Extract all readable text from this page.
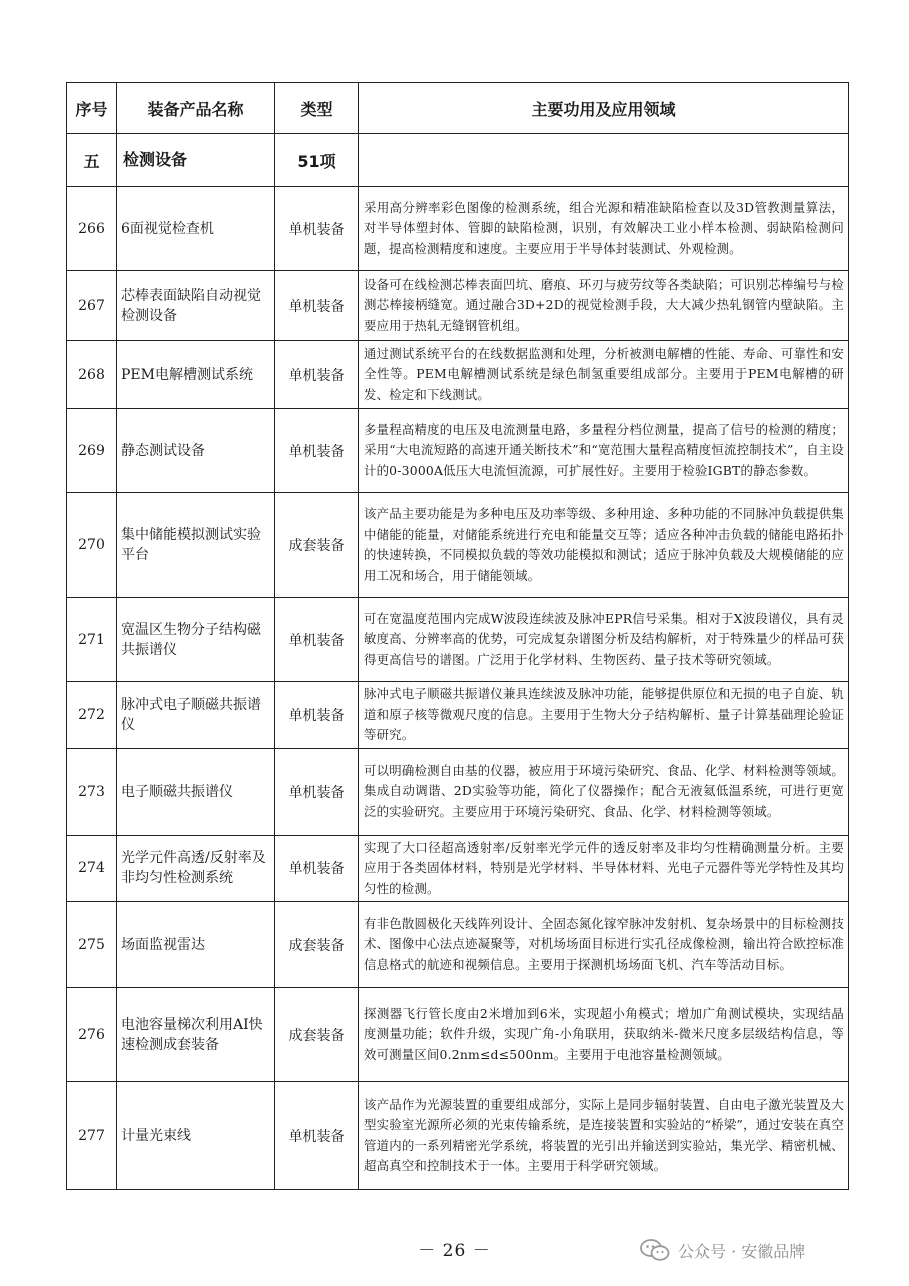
序号	装备产品名称	类型	主要功用及应用领域
五	检测设备	51项	
266	6面视觉检查机	单机装备	采用高分辨率彩色图像的检测系统，组合光源和精准缺陷检查以及3D管教测量算法，对半导体塑封体、管脚的缺陷检测，识别，有效解决工业小样本检测、弱缺陷检测问题，提高检测精度和速度。主要应用于半导体封装测试、外观检测。
267	芯棒表面缺陷自动视觉检测设备	单机装备	设备可在线检测芯棒表面凹坑、磨痕、环刃与疲劳纹等各类缺陷；可识别芯棒编号与检测芯棒接柄缝宽。通过融合3D+2D的视觉检测手段，大大减少热轧钢管内壁缺陷。主要应用于热轧无缝钢管机组。
268	PEM电解槽测试系统	单机装备	通过测试系统平台的在线数据监测和处理，分析被测电解槽的性能、寿命、可靠性和安全性等。PEM电解槽测试系统是绿色制氢重要组成部分。主要用于PEM电解槽的研发、检定和下线测试。
269	静态测试设备	单机装备	多量程高精度的电压及电流测量电路，多量程分档位测量，提高了信号的检测的精度；采用“大电流短路的高速开通关断技术”和“宽范围大量程高精度恒流控制技术”，自主设计的0-3000A低压大电流恒流源，可扩展性好。主要用于检验IGBT的静态参数。
270	集中储能模拟测试实验平台	成套装备	该产品主要功能是为多种电压及功率等级、多种用途、多种功能的不同脉冲负载提供集中储能的能量，对储能系统进行充电和能量交互等；适应各种冲击负载的储能电路拓扑的快速转换，不同模拟负载的等效功能模拟和测试；适应于脉冲负载及大规模储能的应用工况和场合，用于储能领域。
271	宽温区生物分子结构磁共振谱仪	单机装备	可在宽温度范围内完成W波段连续波及脉冲EPR信号采集。相对于X波段谱仪，具有灵敏度高、分辨率高的优势，可完成复杂谱图分析及结构解析，对于特殊量少的样品可获得更高信号的谱图。广泛用于化学材料、生物医药、量子技术等研究领域。
272	脉冲式电子顺磁共振谱仪	单机装备	脉冲式电子顺磁共振谱仪兼具连续波及脉冲功能，能够提供原位和无损的电子自旋、轨道和原子核等微观尺度的信息。主要用于生物大分子结构解析、量子计算基础理论验证等研究。
273	电子顺磁共振谱仪	单机装备	可以明确检测自由基的仪器，被应用于环境污染研究、食品、化学、材料检测等领域。集成自动调谐、2D实验等功能，简化了仪器操作；配合无液氦低温系统，可进行更宽泛的实验研究。主要应用于环境污染研究、食品、化学、材料检测等领域。
274	光学元件高透/反射率及非均匀性检测系统	单机装备	实现了大口径超高透射率/反射率光学元件的透反射率及非均匀性精确测量分析。主要应用于各类固体材料，特别是光学材料、半导体材料、光电子元器件等光学特性及其均匀性的检测。
275	场面监视雷达	成套装备	有非色散圆极化天线阵列设计、全固态氮化镓窄脉冲发射机、复杂场景中的目标检测技术、图像中心法点迹凝聚等，对机场场面目标进行实孔径成像检测，输出符合欧控标准信息格式的航迹和视频信息。主要用于探测机场场面飞机、汽车等活动目标。
276	电池容量梯次利用AI快速检测成套装备	成套装备	探测器飞行管长度由2米增加到6米，实现超小角模式；增加广角测试模块，实现结晶度测量功能；软件升级，实现广角-小角联用，获取纳米-微米尺度多层级结构信息，等效可测量区间0.2nm≤d≤500nm。主要用于电池容量检测领域。
277	计量光束线	单机装备	该产品作为光源装置的重要组成部分，实际上是同步辐射装置、自由电子激光装置及大型实验室光源所必须的光束传输系统，是连接装置和实验站的“桥梁”，通过安装在真空管道内的一系列精密光学系统，将装置的光引出并输送到实验站，集光学、精密机械、超高真空和控制技术于一体。主要用于科学研究领域。
－ 26 －	公众号 · 安徽品牌
